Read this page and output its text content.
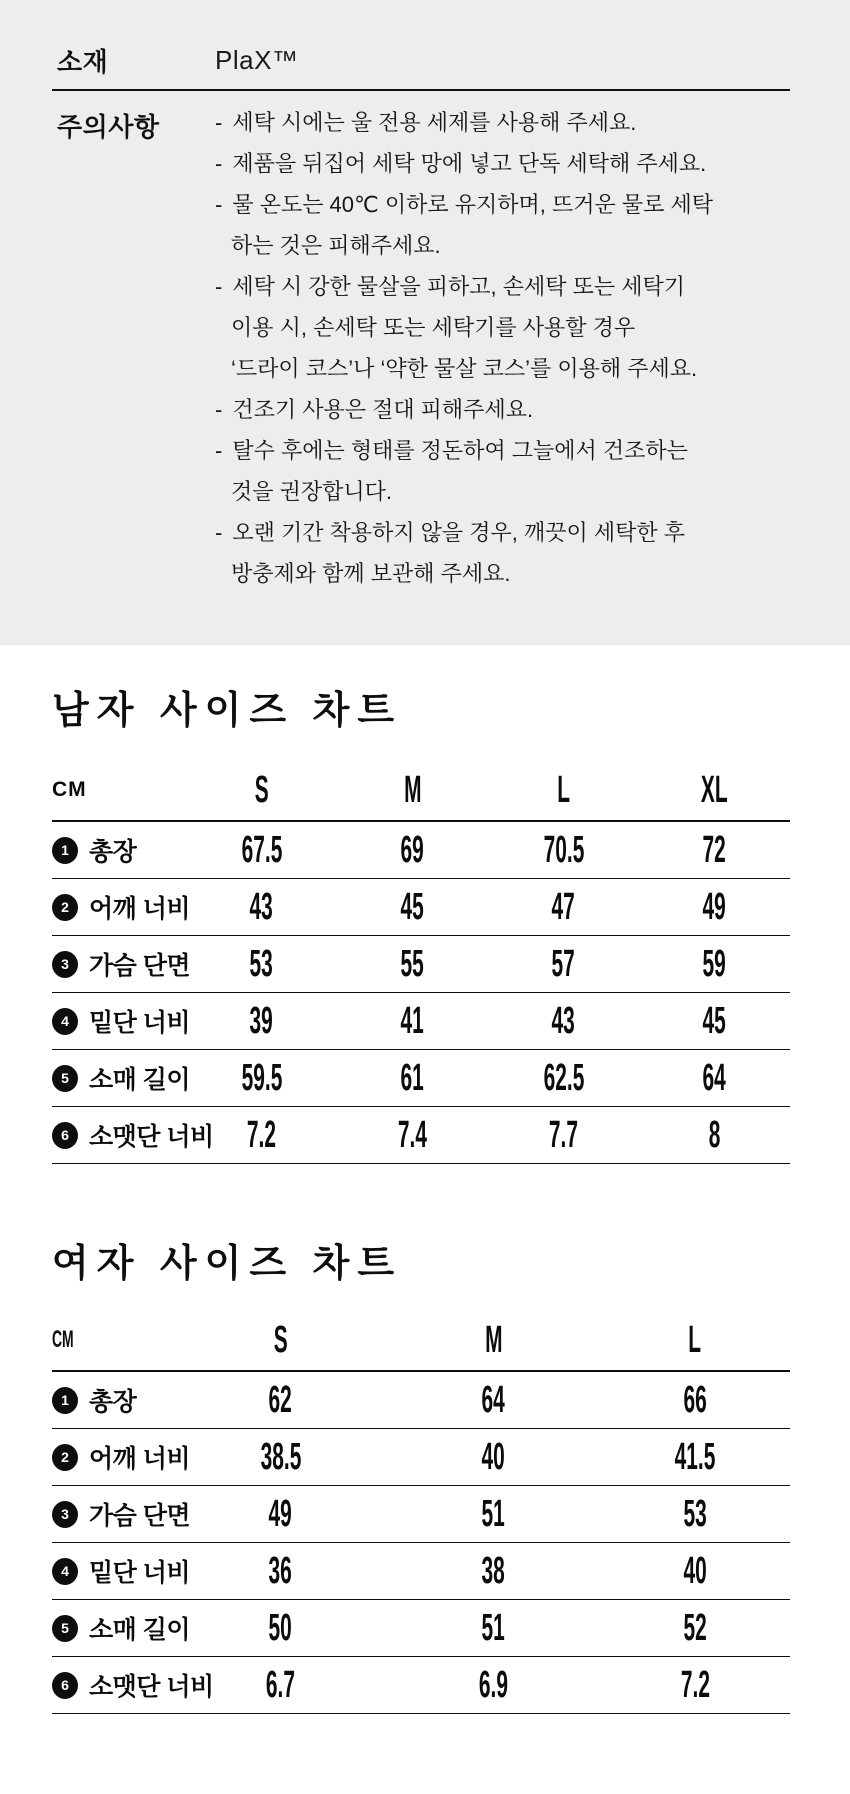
소재	PlaX™
주의사항	- 세탁 시에는 울 전용 세제를 사용해 주세요.
- 제품을 뒤집어 세탁 망에 넣고 단독 세탁해 주세요.
- 물 온도는 40℃ 이하로 유지하며, 뜨거운 물로 세탁
하는 것은 피해주세요.
- 세탁 시 강한 물살을 피하고, 손세탁 또는 세탁기
이용 시, 손세탁 또는 세탁기를 사용할 경우
‘드라이 코스’나 ‘약한 물살 코스’를 이용해 주세요.
- 건조기 사용은 절대 피해주세요.
- 탈수 후에는 형태를 정돈하여 그늘에서 건조하는
것을 권장합니다.
- 오랜 기간 착용하지 않을 경우, 깨끗이 세탁한 후
방충제와 함께 보관해 주세요.
남자 사이즈 차트
CM	S	M	L	XL
1 총장	67.5	69	70.5	72
2 어깨 너비 43	45	47	49
3 가슴 단면 53	55	57	59
4 밑단 너비 39	41	43	45
5 소매 길이 59.5	61	62.5	64
6 소맷단 너비 7.2	7.4	7.7	8
여자 사이즈 차트
CM	S	M	L
1 총장	62	64	66
2 어깨 너비 38.5	40	41.5
3 가슴 단면 49	51	53
4 밑단 너비 36	38	40
5 소매 길이 50	51	52
6 소맷단 너비 6.7	6.9	7.2
